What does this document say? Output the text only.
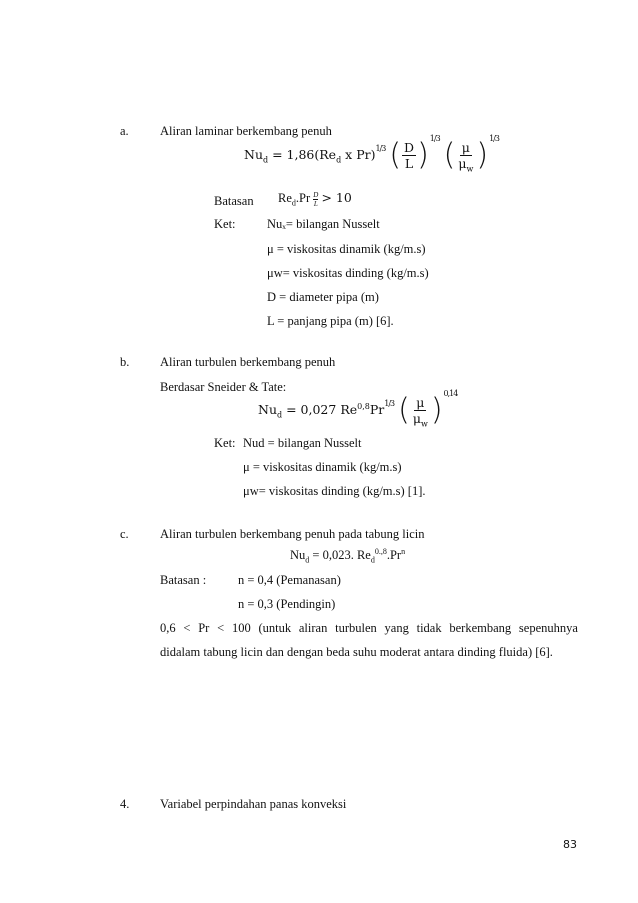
a.	Aliran laminar berkembang penuh
$Nu_d = 1,86(Re_d$ x Pr)$^{1/3}$ ( $\frac{D}{L} )^{1/3}$ ( $\frac{\mu}{\mu_w} )^{1/3}$
Batasan $Re_d.Pr \frac{D}{L} > 10$
Ket:	Nuₓ= bilangan Nusselt
μ = viskositas dinamik (kg/m.s)
μw= viskositas dinding (kg/m.s)
D = diameter pipa (m)
L = panjang pipa (m) [6].
b. Aliran turbulen berkembang penuh
Berdasar Sneider & Tate:
$Nu_d = 0,027$ $Re^{0,8}Pr^{1/3}$ ( $\frac{\mu}{\mu_w} )^{0,14}$
Ket: Nud = bilangan Nusselt
μ = viskositas dinamik (kg/m.s)
μw= viskositas dinding (kg/m.s) [1].
c.	Aliran turbulen berkembang penuh pada tabung licin
$Nu_d = 0,023$. $Re_d^{0.,8}.Pr^n$
Batasan :	n = 0,4 (Pemanasan)
n = 0,3 (Pendingin)
0,6 < Pr < 100 (untuk aliran turbulen yang tidak berkembang sepenuhnya
didalam tabung licin dan dengan beda suhu moderat antara dinding fluida) [6].
4. Variabel perpindahan panas konveksi
83
